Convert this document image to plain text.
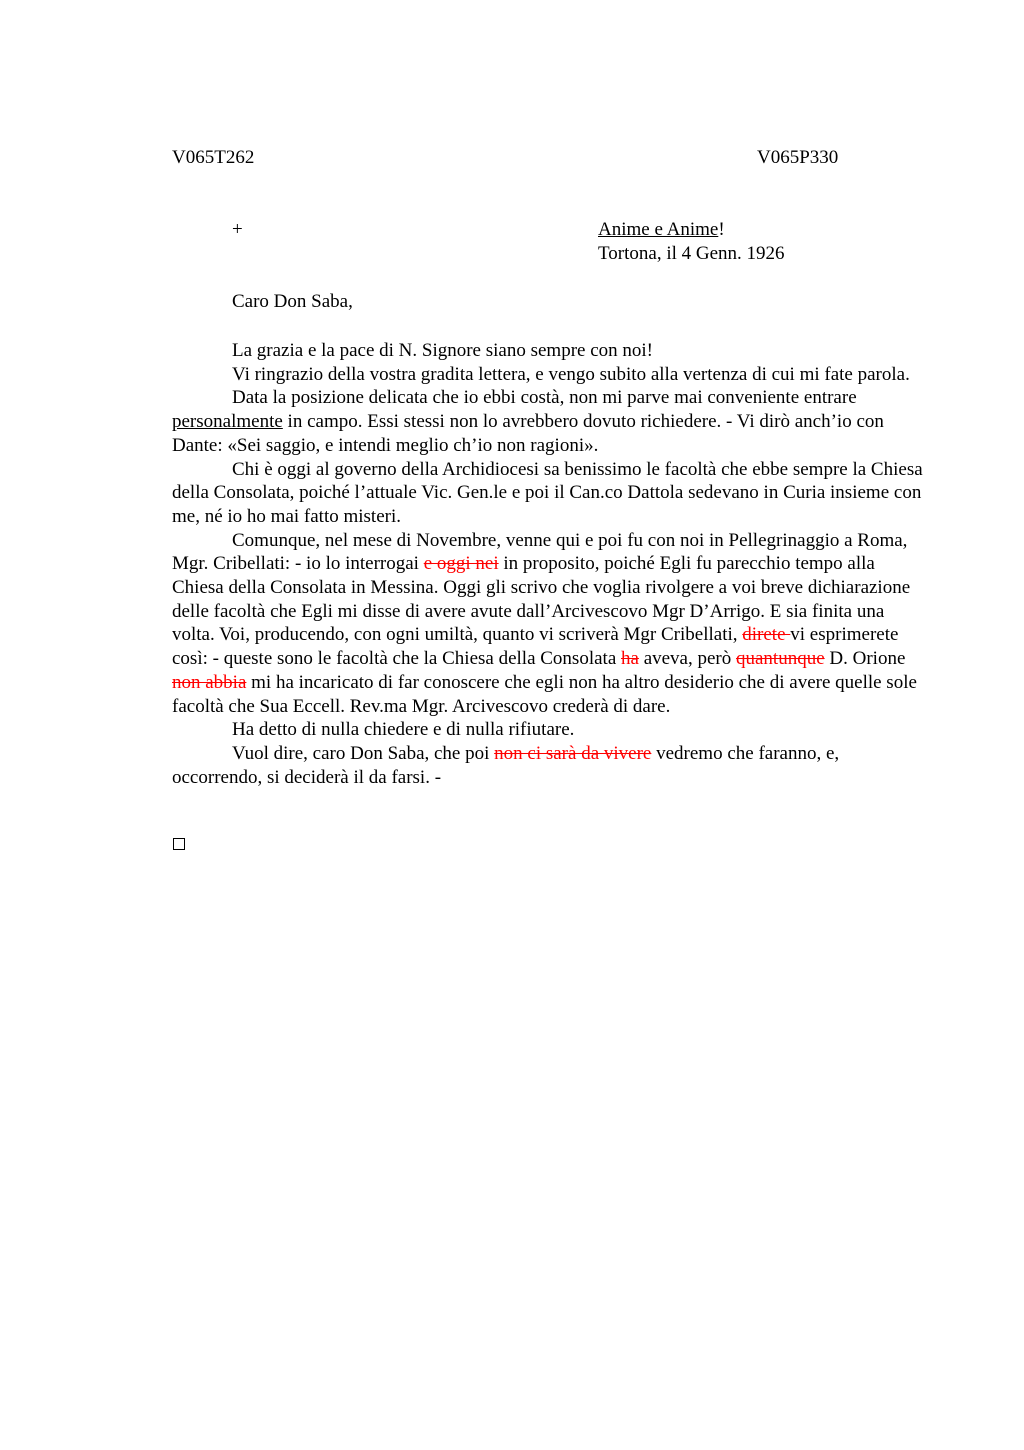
V065T262	V065P330
+	Anime e Anime!
Tortona, il 4 Genn. 1926
Caro Don Saba,

La grazia e la pace di N. Signore siano sempre con noi!

Vi ringrazio della vostra gradita lettera, e vengo subito alla vertenza di cui mi fate parola.

Data la posizione delicata che io ebbi costà, non mi parve mai conveniente entrare personalmente in campo. Essi stessi non lo avrebbero dovuto richiedere. - Vi dirò anch’io con Dante: «Sei saggio, e intendi meglio ch’io non ragioni».

Chi è oggi al governo della Archidiocesi sa benissimo le facoltà che ebbe sempre la Chiesa della Consolata, poiché l’attuale Vic. Gen.le e poi il Can.co Dattola sedevano in Curia insieme con me, né io ho mai fatto misteri.

Comunque, nel mese di Novembre, venne qui e poi fu con noi in Pellegrinaggio a Roma, Mgr. Cribellati: - io lo interrogai e oggi nei in proposito, poiché Egli fu parecchio tempo alla Chiesa della Consolata in Messina. Oggi gli scrivo che voglia rivolgere a voi breve dichiarazione delle facoltà che Egli mi disse di avere avute dall’Arcivescovo Mgr D’Arrigo. E sia finita una volta. Voi, producendo, con ogni umiltà, quanto vi scriverà Mgr Cribellati, direte vi esprimerete così: - queste sono le facoltà che la Chiesa della Consolata ha aveva, però quantunque D. Orione non abbia mi ha incaricato di far conoscere che egli non ha altro desiderio che di avere quelle sole facoltà che Sua Eccell. Rev.ma Mgr. Arcivescovo crederà di dare.

Ha detto di nulla chiedere e di nulla rifiutare.

Vuol dire, caro Don Saba, che poi non ci sarà da vivere vedremo che faranno, e, occorrendo, si deciderà il da farsi. -
